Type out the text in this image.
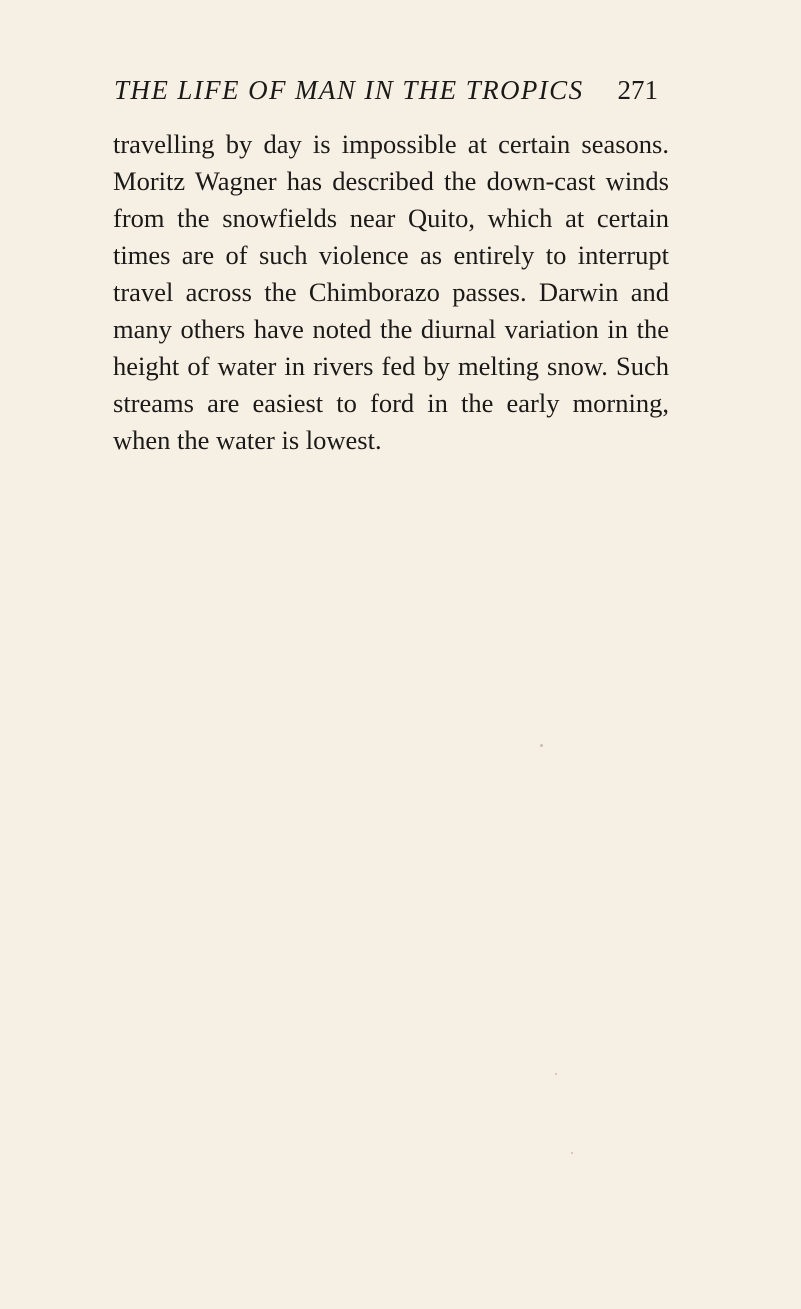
THE LIFE OF MAN IN THE TROPICS 271
travelling by day is impossible at certain seasons.
Moritz Wagner has described the down-cast winds
from the snowfields near Quito, which at certain
times are of such violence as entirely to interrupt
travel across the Chimborazo passes. Darwin and
many others have noted the diurnal variation in the
height of water in rivers fed by melting snow. Such
streams are easiest to ford in the early morning,
when the water is lowest.
